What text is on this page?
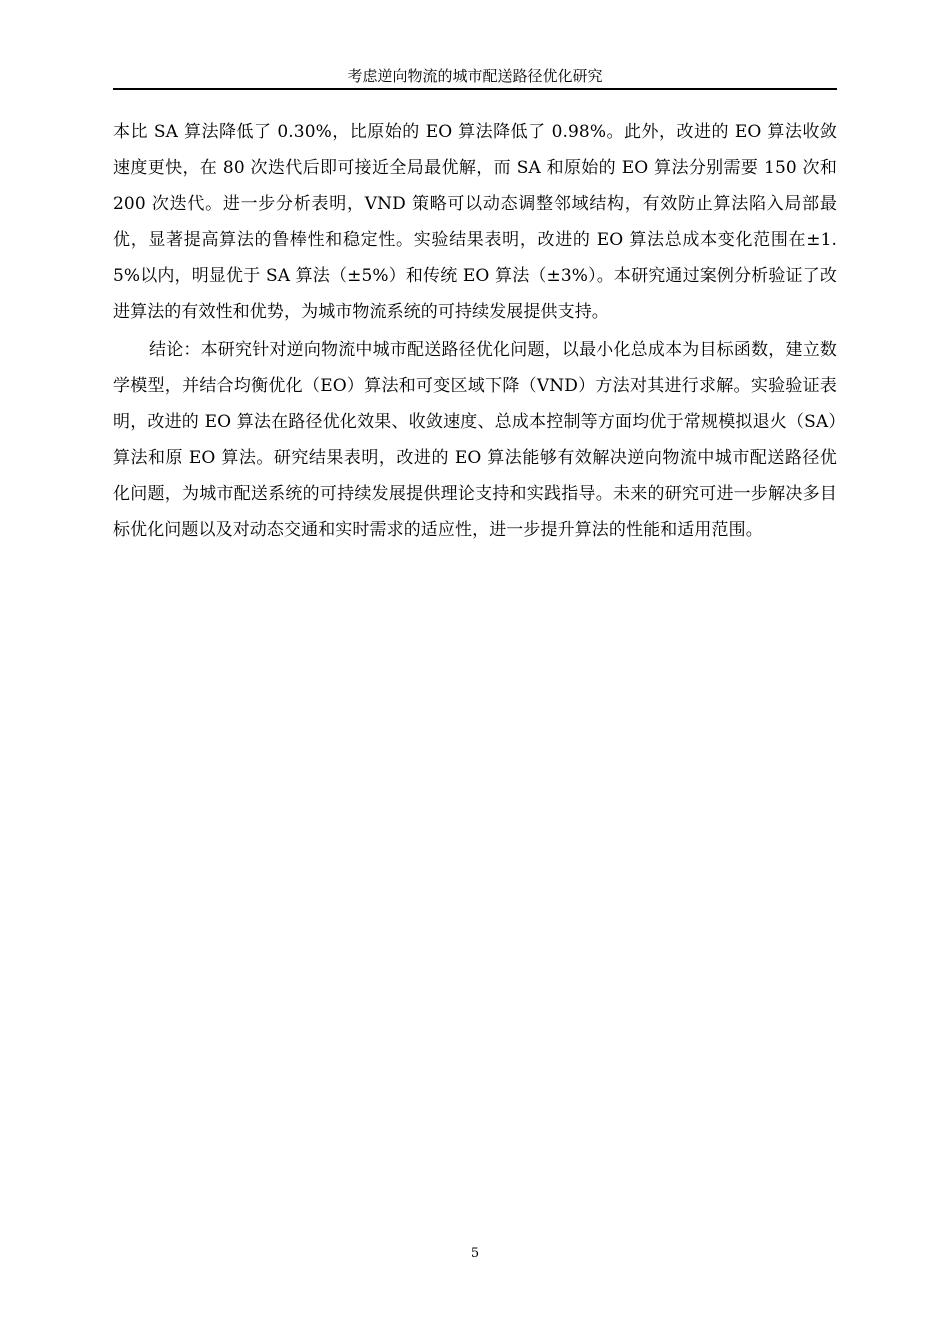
考虑逆向物流的城市配送路径优化研究

本比 SA 算法降低了 0.30%，比原始的 EO 算法降低了 0.98%。此外，改进的 EO 算法收敛速度更快，在 80 次迭代后即可接近全局最优解，而 SA 和原始的 EO 算法分别需要 150 次和 200 次迭代。进一步分析表明，VND 策略可以动态调整邻域结构，有效防止算法陷入局部最优，显著提高算法的鲁棒性和稳定性。实验结果表明，改进的 EO 算法总成本变化范围在±1.5%以内，明显优于 SA 算法（±5%）和传统 EO 算法（±3%）。本研究通过案例分析验证了改进算法的有效性和优势，为城市物流系统的可持续发展提供支持。

结论：本研究针对逆向物流中城市配送路径优化问题，以最小化总成本为目标函数，建立数学模型，并结合均衡优化（EO）算法和可变区域下降（VND）方法对其进行求解。实验验证表明，改进的 EO 算法在路径优化效果、收敛速度、总成本控制等方面均优于常规模拟退火（SA）算法和原 EO 算法。研究结果表明，改进的 EO 算法能够有效解决逆向物流中城市配送路径优化问题，为城市配送系统的可持续发展提供理论支持和实践指导。未来的研究可进一步解决多目标优化问题以及对动态交通和实时需求的适应性，进一步提升算法的性能和适用范围。

5
